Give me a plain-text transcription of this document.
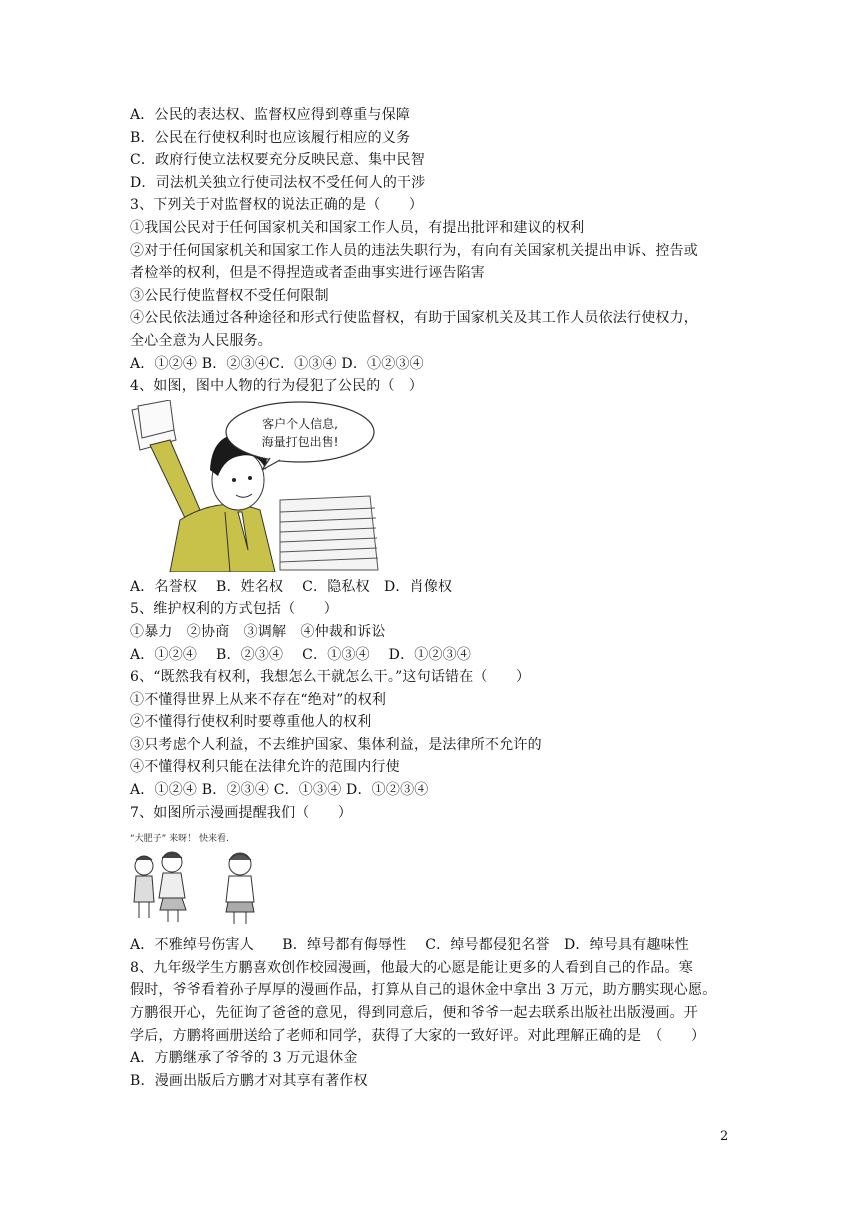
A．公民的表达权、监督权应得到尊重与保障
B．公民在行使权利时也应该履行相应的义务
C．政府行使立法权要充分反映民意、集中民智
D．司法机关独立行使司法权不受任何人的干涉
3、下列关于对监督权的说法正确的是（　　）
①我国公民对于任何国家机关和国家工作人员，有提出批评和建议的权利
②对于任何国家机关和国家工作人员的违法失职行为，有向有关国家机关提出申诉、控告或
者检举的权利，但是不得捏造或者歪曲事实进行诬告陷害
③公民行使监督权不受任何限制
④公民依法通过各种途径和形式行使监督权，有助于国家机关及其工作人员依法行使权力，
全心全意为人民服务。
A．①②④ B．②③④C．①③④ D．①②③④
4、如图，图中人物的行为侵犯了公民的（　）
客户个人信息,
海量打包出售!
A．名誉权　 B．姓名权　 C．隐私权　D．肖像权
5、维护权利的方式包括（　　）
①暴力　②协商　③调解　④仲裁和诉讼
A．①②④　 B．②③④　 C．①③④　 D．①②③④
6、“既然我有权利，我想怎么干就怎么干。”这句话错在（　　）
①不懂得世界上从来不存在“绝对”的权利
②不懂得行使权利时要尊重他人的权利
③只考虑个人利益，不去维护国家、集体利益，是法律所不允许的
④不懂得权利只能在法律允许的范围内行使
A．①②④ B．②③④ C．①③④ D．①②③④
7、如图所示漫画提醒我们（　　）
“大肥子” 来呀！ 快来看.
A．不雅绰号伤害人　　B．绰号都有侮辱性　 C．绰号都侵犯名誉　D．绰号具有趣味性
8、九年级学生方鹏喜欢创作校园漫画，他最大的心愿是能让更多的人看到自己的作品。寒
假时，爷爷看着孙子厚厚的漫画作品，打算从自己的退休金中拿出 3 万元，助方鹏实现心愿。
方鹏很开心，先征询了爸爸的意见，得到同意后，便和爷爷一起去联系出版社出版漫画。开
学后，方鹏将画册送给了老师和同学，获得了大家的一致好评。对此理解正确的是　（　　）
A．方鹏继承了爷爷的 3 万元退休金
B．漫画出版后方鹏才对其享有著作权
2
